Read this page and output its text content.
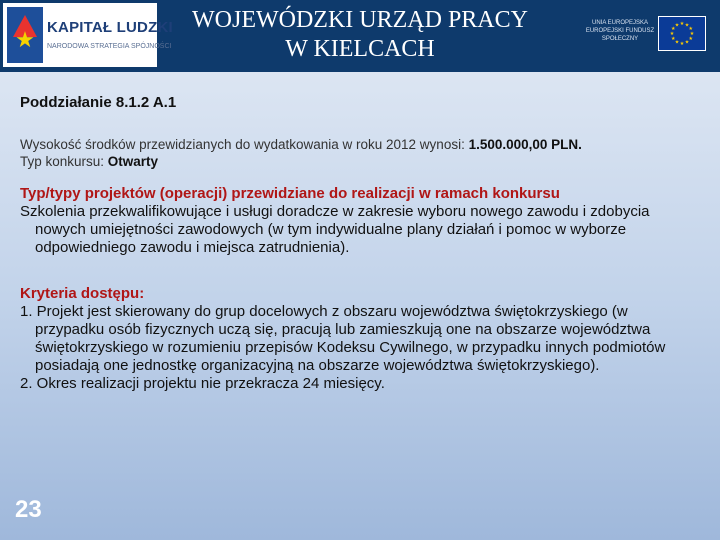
★ KAPITAŁ LUDZKI
NARODOWA STRATEGIA SPÓJNOŚCI
WOJEWÓDZKI URZĄD PRACY
W KIELCACH
UNIA EUROPEJSKA EUROPEJSKI FUNDUSZ SPOŁECZNY
★ ★
★
★
★
★
★
★
★
★
★
★
Poddziałanie 8.1.2 A.1
Wysokość środków przewidzianych do wydatkowania w roku 2012 wynosi: 1.500.000,00 PLN.
Typ konkursu: Otwarty
Typ/typy projektów (operacji) przewidziane do realizacji w ramach konkursu
Szkolenia przekwalifikowujące i usługi doradcze w zakresie wyboru nowego zawodu i zdobycia nowych umiejętności zawodowych (w tym indywidualne plany działań i pomoc w wyborze odpowiedniego zawodu i miejsca zatrudnienia).
Kryteria dostępu:
1. Projekt jest skierowany do grup docelowych z obszaru województwa świętokrzyskiego (w przypadku osób fizycznych uczą się, pracują lub zamieszkują one na obszarze województwa świętokrzyskiego w rozumieniu przepisów Kodeksu Cywilnego, w przypadku innych podmiotów posiadają one jednostkę organizacyjną na obszarze województwa świętokrzyskiego).
2. Okres realizacji projektu nie przekracza 24 miesięcy.
23
